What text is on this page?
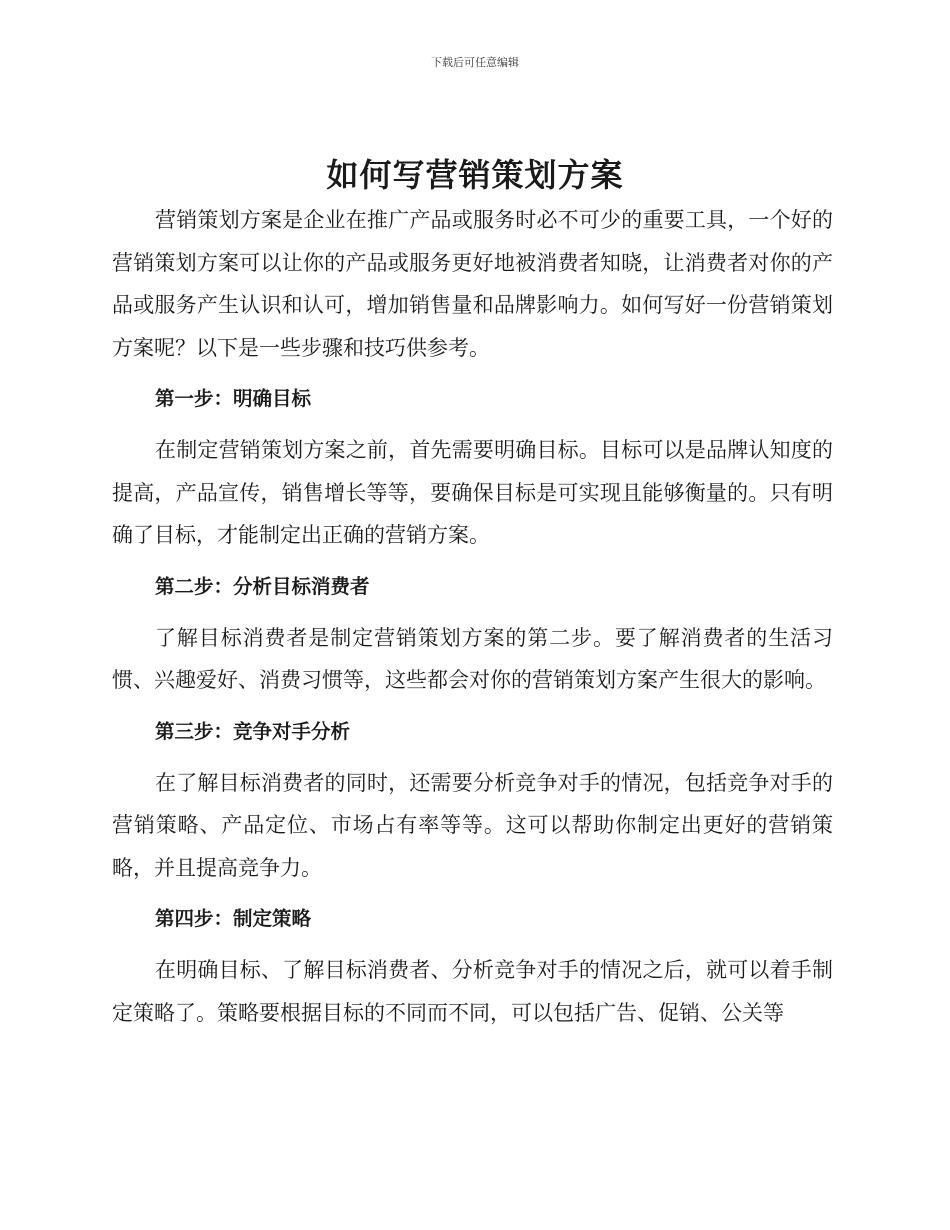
下载后可任意编辑
如何写营销策划方案

营销策划方案是企业在推广产品或服务时必不可少的重要工具，一个好的营销策划方案可以让你的产品或服务更好地被消费者知晓，让消费者对你的产品或服务产生认识和认可，增加销售量和品牌影响力。如何写好一份营销策划方案呢？以下是一些步骤和技巧供参考。

第一步：明确目标

在制定营销策划方案之前，首先需要明确目标。目标可以是品牌认知度的提高，产品宣传，销售增长等等，要确保目标是可实现且能够衡量的。只有明确了目标，才能制定出正确的营销方案。

第二步：分析目标消费者

了解目标消费者是制定营销策划方案的第二步。要了解消费者的生活习惯、兴趣爱好、消费习惯等，这些都会对你的营销策划方案产生很大的影响。

第三步：竞争对手分析

在了解目标消费者的同时，还需要分析竞争对手的情况，包括竞争对手的营销策略、产品定位、市场占有率等等。这可以帮助你制定出更好的营销策略，并且提高竞争力。

第四步：制定策略

在明确目标、了解目标消费者、分析竞争对手的情况之后，就可以着手制定策略了。策略要根据目标的不同而不同，可以包括广告、促销、公关等
